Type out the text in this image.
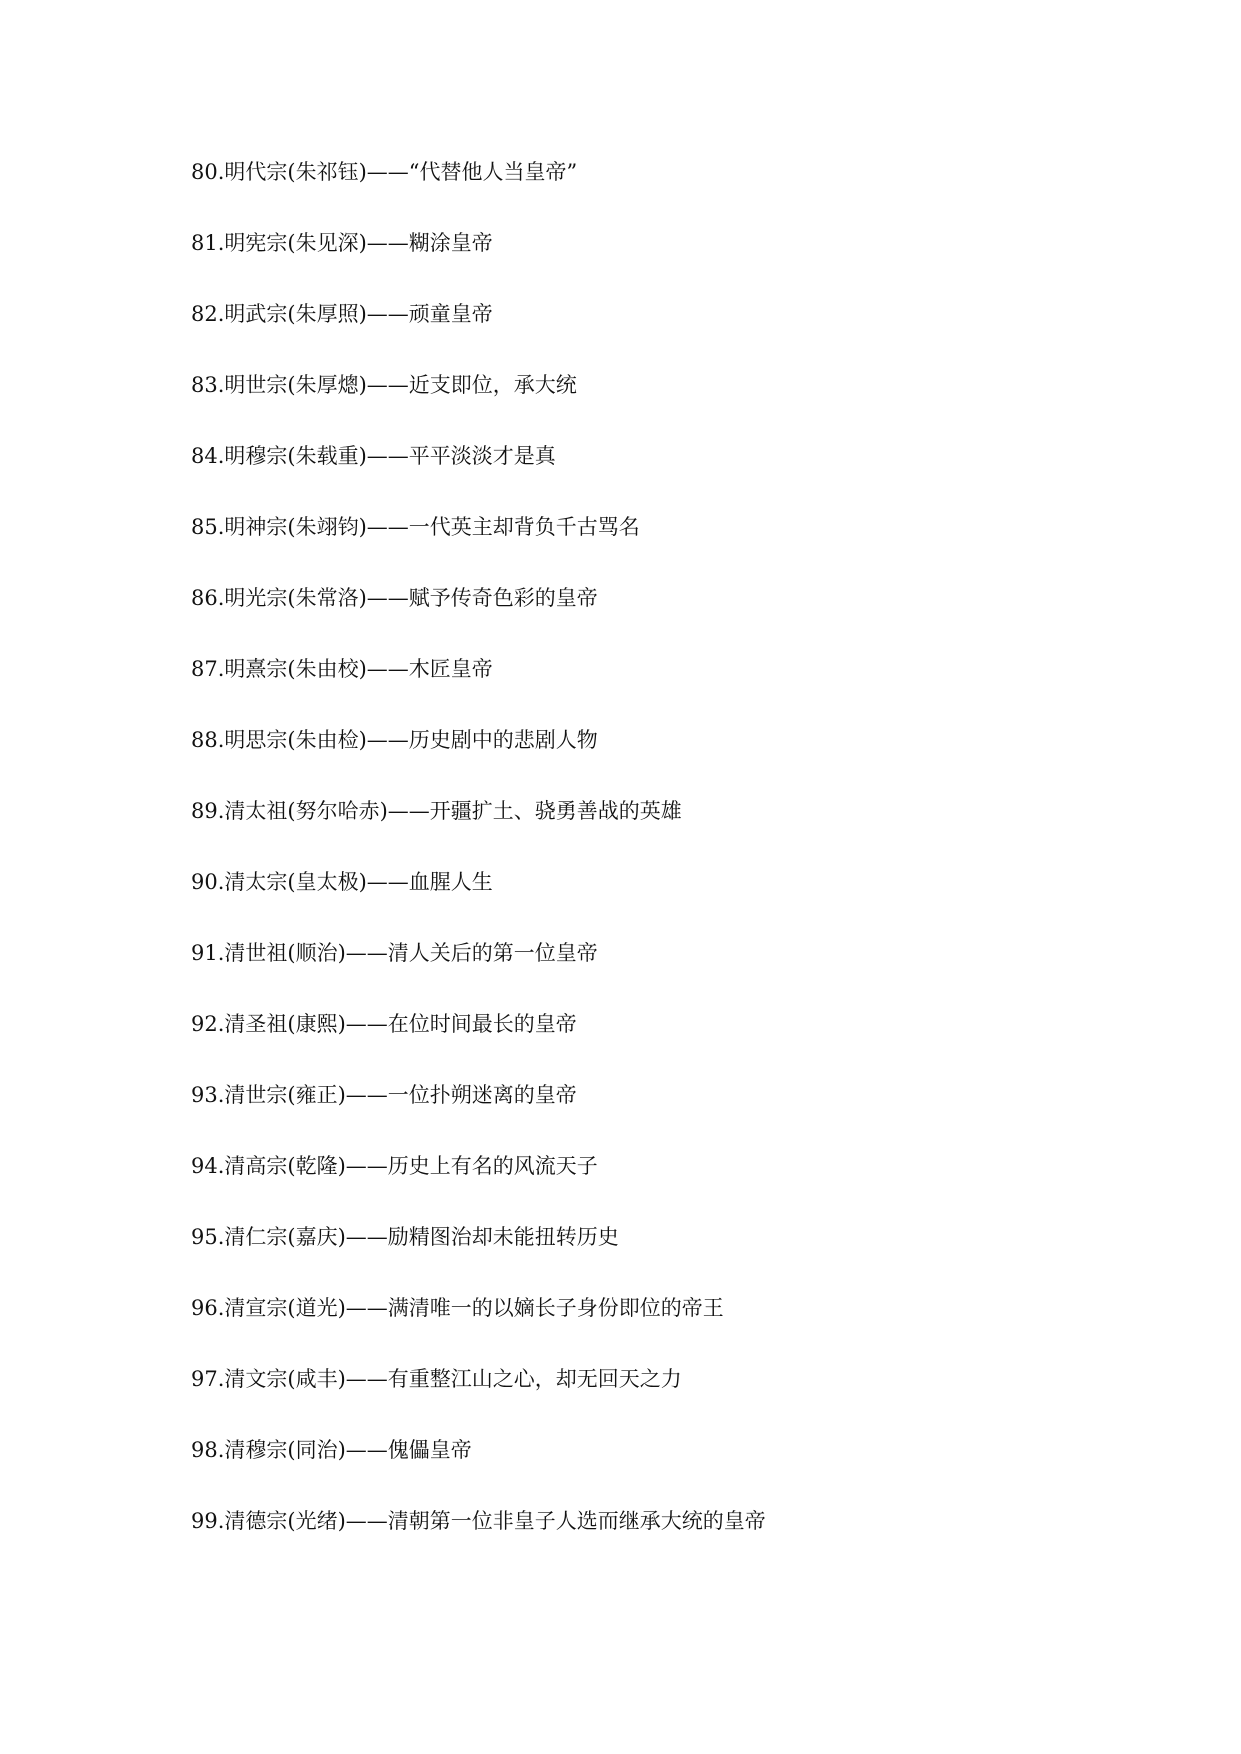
80.明代宗(朱祁钰)——“代替他人当皇帝”
81.明宪宗(朱见深)——糊涂皇帝
82.明武宗(朱厚照)——顽童皇帝
83.明世宗(朱厚熜)——近支即位，承大统
84.明穆宗(朱载重)——平平淡淡才是真
85.明神宗(朱翊钧)——一代英主却背负千古骂名
86.明光宗(朱常洛)——赋予传奇色彩的皇帝
87.明熹宗(朱由校)——木匠皇帝
88.明思宗(朱由检)——历史剧中的悲剧人物
89.清太祖(努尔哈赤)——开疆扩土、骁勇善战的英雄
90.清太宗(皇太极)——血腥人生
91.清世祖(顺治)——清人关后的第一位皇帝
92.清圣祖(康熙)——在位时间最长的皇帝
93.清世宗(雍正)——一位扑朔迷离的皇帝
94.清高宗(乾隆)——历史上有名的风流天子
95.清仁宗(嘉庆)——励精图治却未能扭转历史
96.清宣宗(道光)——满清唯一的以嫡长子身份即位的帝王
97.清文宗(咸丰)——有重整江山之心，却无回天之力
98.清穆宗(同治)——傀儡皇帝
99.清德宗(光绪)——清朝第一位非皇子人选而继承大统的皇帝
